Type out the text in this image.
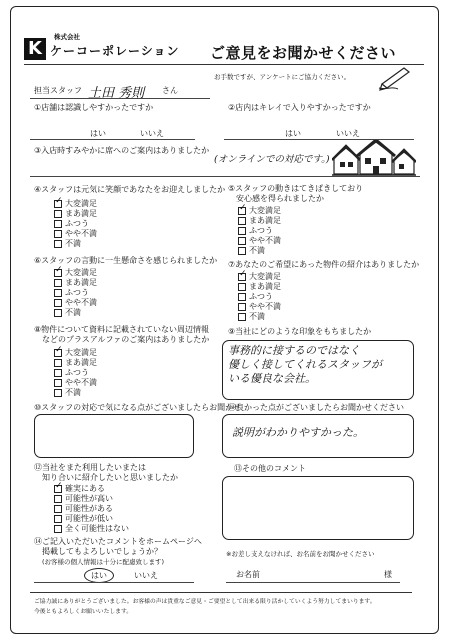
株式会社
K ケーコーポレーション ご意見をお聞かせください
お手数ですが、アンケートにご協力ください。
担当スタッフ 土田 秀則 さん
①店舗は認識しやすかったですか
はい	いいえ
②店内はキレイで入りやすかったですか
はい	いいえ
③入店時すみやかに席へのご案内はありましたか
(オンラインでの対応です。)
④スタッフは元気に笑顔であなたをお迎えしましたか
✓
大変満足
まあ満足
ふつう
やや不満
不満
⑤スタッフの動きはてきぱきしており
安心感を得られましたか
✓
大変満足
まあ満足
ふつう
やや不満
不満
⑥スタッフの言動に一生懸命さを感じられましたか
✓
大変満足
まあ満足
ふつう
やや不満
不満
⑦あなたのご希望にあった物件の紹介はありましたか
✓
大変満足
まあ満足
ふつう
やや不満
不満
⑧物件について資料に記載されていない周辺情報
などのプラスアルファのご案内はありましたか
✓
大変満足
まあ満足
ふつう
やや不満
不満
⑨当社にどのような印象をもちましたか
事務的に接するのではなく
優しく接してくれるスタッフが
いる優良な会社。
⑩スタッフの対応で気になる点がございましたらお聞かせ
⑪良かった点がございましたらお聞かせください
説明がわかりやすかった。
⑫当社をまた利用したいまたは
知り合いに紹介したいと思いましたか
✓
確実にある
可能性が高い
可能性がある
可能性が低い
全く可能性はない
⑬その他のコメント
⑭ご記入いただいたコメントをホームページへ
掲載してもよろしいでしょうか？
(お客様の個人情報は十分に配慮致します)
はい	いいえ
※お差し支えなければ、お名前をお聞かせください
お名前	様
ご協力誠にありがとうございました。お客様の声は貴重なご意見・ご要望として出来る限り活かしていくよう努力してまいります。
今後ともよろしくお願いいたします。
